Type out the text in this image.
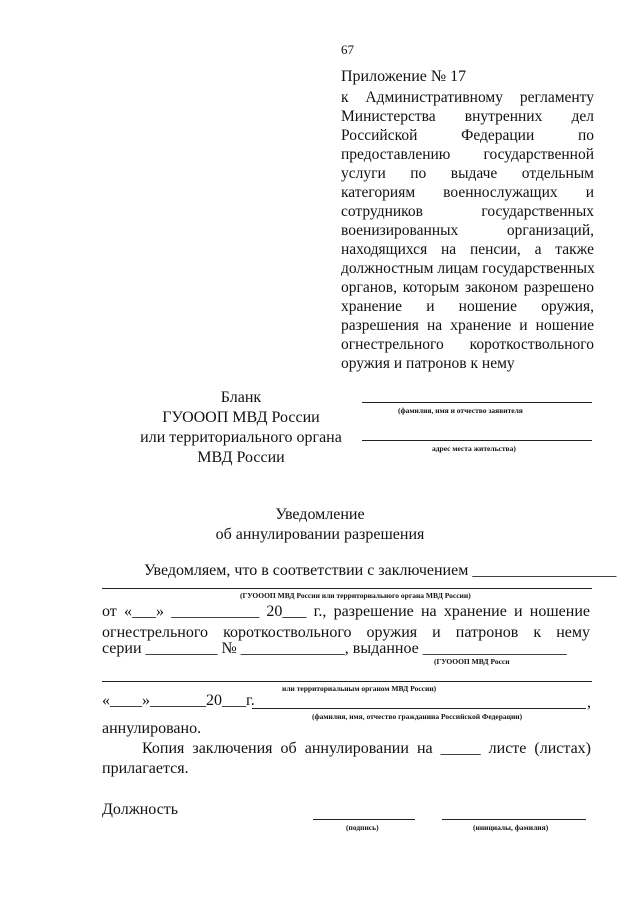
67
Приложение № 17
к Административному регламенту
Министерства внутренних дел
Российской Федерации по
предоставлению государственной
услуги по выдаче отдельным
категориям военнослужащих и
сотрудников государственных
военизированных организаций,
находящихся на пенсии, а также
должностным лицам государственных
органов, которым законом разрешено
хранение и ношение оружия,
разрешения на хранение и ношение
огнестрельного короткоствольного
оружия и патронов к нему
Бланк
ГУОООП МВД России
или территориального органа
МВД России
(фамилия, имя и отчество заявителя
адрес места жительства)
Уведомление
об аннулировании разрешения
Уведомляем, что в соответствии с заключением __________________
(ГУОООП МВД России или территориального органа МВД России)
от «___» ___________ 20___ г., разрешение на хранение и ношение
огнестрельного короткоствольного оружия и патронов к нему
серии _________ № _____________, выданное __________________
(ГУОООП МВД Росси
или территориальным органом МВД России)
«____»_______20___г.	,
(фамилия, имя, отчество гражданина Российской Федерации)
аннулировано.
Копия заключения об аннулировании на _____ листе (листах)
прилагается.
Должность
(подпись)	(инициалы, фамилия)
